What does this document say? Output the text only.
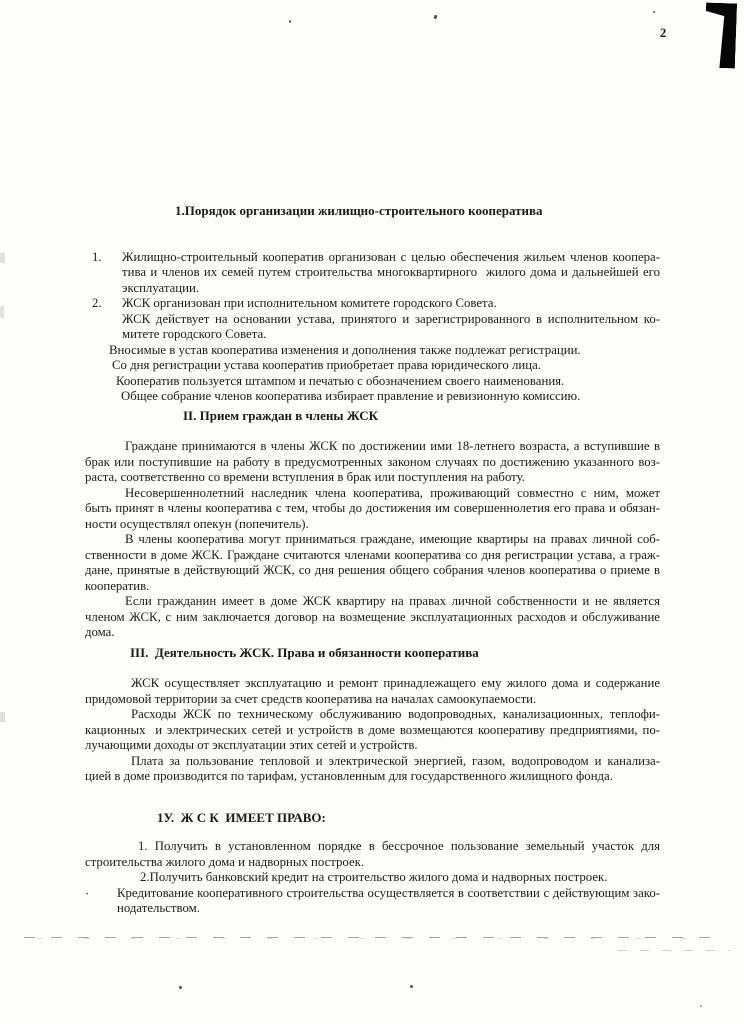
2
1.Порядок организации жилищно-строительного кооператива
1.	Жилищно-строительный кооператив организован с целью обеспечения жильем членов коопера-
тива и членов их семей путем строительства многоквартирного  жилого дома и дальнейшей его
эксплуатации.
2.	ЖСК организован при исполнительном комитете городского Совета.
ЖСК действует на основании устава, принятого и зарегистрированного в исполнительном ко-
митете городского Совета.
Вносимые в устав кооператива изменения и дополнения также подлежат регистрации.
Со дня регистрации устава кооператив приобретает права юридического лица.
Кооператив пользуется штампом и печатью с обозначением своего наименования.
Общее собрание членов кооператива избирает правление и ревизионную комиссию.
II. Прием граждан в члены ЖСК
Граждане принимаются в члены ЖСК по достижении ими 18-летнего возраста, а вступившие в
брак или поступившие на работу в предусмотренных законом случаях по достижению указанного воз-
раста, соответственно со времени вступления в брак или поступления на работу.
Несовершеннолетний наследник члена кооператива, проживающий совместно с ним, может
быть принят в члены кооператива с тем, чтобы до достижения им совершеннолетия его права и обязан-
ности осуществлял опекун (попечитель).
В члены кооператива могут приниматься граждане, имеющие квартиры на правах личной соб-
ственности в доме ЖСК. Граждане считаются членами кооператива со дня регистрации устава, а граж-
дане, принятые в действующий ЖСК, со дня решения общего собрания членов кооператива о приеме в
кооператив.
Если гражданин имеет в доме ЖСК квартиру на правах личной собственности и не является
членом ЖСК, с ним заключается договор на возмещение эксплуатационных расходов и обслуживание
дома.
III.  Деятельность ЖСК. Права и обязанности кооператива
ЖСК осуществляет эксплуатацию и ремонт принадлежащего ему жилого дома и содержание
придомовой территории за счет средств кооператива на началах самоокупаемости.
Расходы ЖСК по техническому обслуживанию водопроводных, канализационных, теплофи-
кационных  и электрических сетей и устройств в доме возмещаются кооперативу предприятиями, по-
лучающими доходы от эксплуатации этих сетей и устройств.
Плата за пользование тепловой и электрической энергией, газом, водопроводом и канализа-
цией в доме производится по тарифам, установленным для государственного жилищного фонда.
1У.  Ж С К  ИМЕЕТ ПРАВО:
1. Получить в установленном порядке в бессрочное пользование земельный участок для
строительства жилого дома и надворных построек.
2.Получить банковский кредит на строительство жилого дома и надворных построек.
· Кредитование кооперативного строительства осуществляется в соответствии с действующим зако-
нодательством.
